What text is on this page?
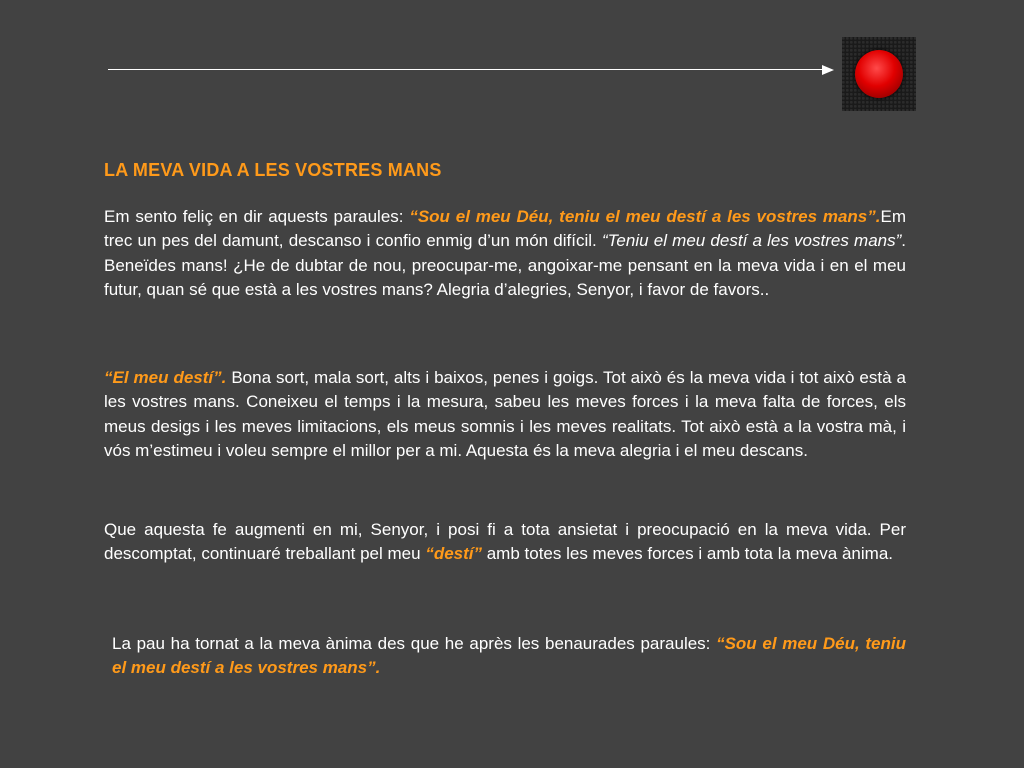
LA MEVA VIDA A LES VOSTRES MANS

Em sento feliç en dir aquests paraules: “Sou el meu Déu, teniu el meu destí a les vostres mans”.Em trec un pes del damunt, descanso i confio enmig d’un món difícil. “Teniu el meu destí a les vostres mans”. Beneïdes mans! ¿He de dubtar de nou, preocupar-me, angoixar-me pensant en la meva vida i en el meu futur, quan sé que està a les vostres mans? Alegria d’alegries, Senyor, i favor de favors..

“El meu destí”. Bona sort, mala sort, alts i baixos, penes i goigs. Tot això és la meva vida i tot això està a les vostres mans. Coneixeu el temps i la mesura, sabeu les meves forces i la meva falta de forces, els meus desigs i les meves limitacions, els meus somnis i les meves realitats. Tot això està a la vostra mà, i vós m’estimeu i voleu sempre el millor per a mi. Aquesta és la meva alegria i el meu descans.

Que aquesta fe augmenti en mi, Senyor, i posi fi a tota ansietat i preocupació en la meva vida. Per descomptat, continuaré treballant pel meu “destí” amb totes les meves forces i amb tota la meva ànima.

La pau ha tornat a la meva ànima des que he après les benaurades paraules: “Sou el meu Déu, teniu el meu destí a les vostres mans”.
